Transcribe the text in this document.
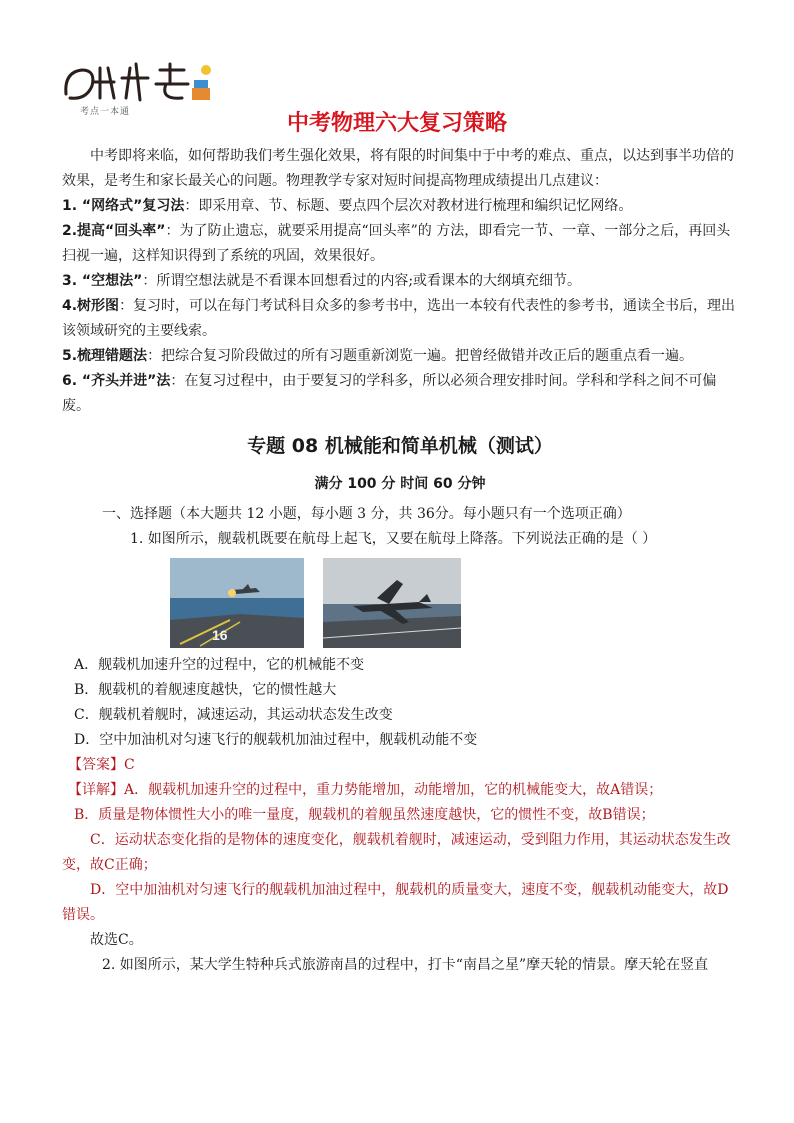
考点一本通	中考物理六大复习策略

中考即将来临，如何帮助我们考生强化效果，将有限的时间集中于中考的难点、重点，以达到事半功倍的效果，是考生和家长最关心的问题。物理教学专家对短时间提高物理成绩提出几点建议：

1. “网络式”复习法：即采用章、节、标题、要点四个层次对教材进行梳理和编织记忆网络。

2.提高“回头率”：为了防止遗忘，就要采用提高“回头率”的 方法，即看完一节、一章、一部分之后，再回头扫视一遍，这样知识得到了系统的巩固，效果很好。

3. “空想法”：所谓空想法就是不看课本回想看过的内容;或看课本的大纲填充细节。

4.树形图：复习时，可以在每门考试科目众多的参考书中，选出一本较有代表性的参考书，通读全书后，理出该领域研究的主要线索。

5.梳理错题法：把综合复习阶段做过的所有习题重新浏览一遍。把曾经做错并改正后的题重点看一遍。

6. “齐头并进”法：在复习过程中，由于要复习的学科多，所以必须合理安排时间。学科和学科之间不可偏废。

专题 08 机械能和简单机械（测试）
满分 100 分 时间 60 分钟

一、选择题（本大题共 12 小题，每小题 3 分，共 36分。每小题只有一个选项正确）

1. 如图所示，舰载机既要在航母上起飞，又要在航母上降落。下列说法正确的是（ ）

16

A．舰载机加速升空的过程中，它的机械能不变

B．舰载机的着舰速度越快，它的惯性越大

C．舰载机着舰时，减速运动，其运动状态发生改变

D．空中加油机对匀速飞行的舰载机加油过程中，舰载机动能不变

【答案】C

【详解】A．舰载机加速升空的过程中，重力势能增加，动能增加，它的机械能变大，故A错误；

B．质量是物体惯性大小的唯一量度，舰载机的着舰虽然速度越快，它的惯性不变，故B错误；

C．运动状态变化指的是物体的速度变化，舰载机着舰时，减速运动，受到阻力作用，其运动状态发生改变，故C正确；

D．空中加油机对匀速飞行的舰载机加油过程中，舰载机的质量变大，速度不变，舰载机动能变大，故D错误。

故选C。

2. 如图所示，某大学生特种兵式旅游南昌的过程中，打卡“南昌之星”摩天轮的情景。摩天轮在竖直
